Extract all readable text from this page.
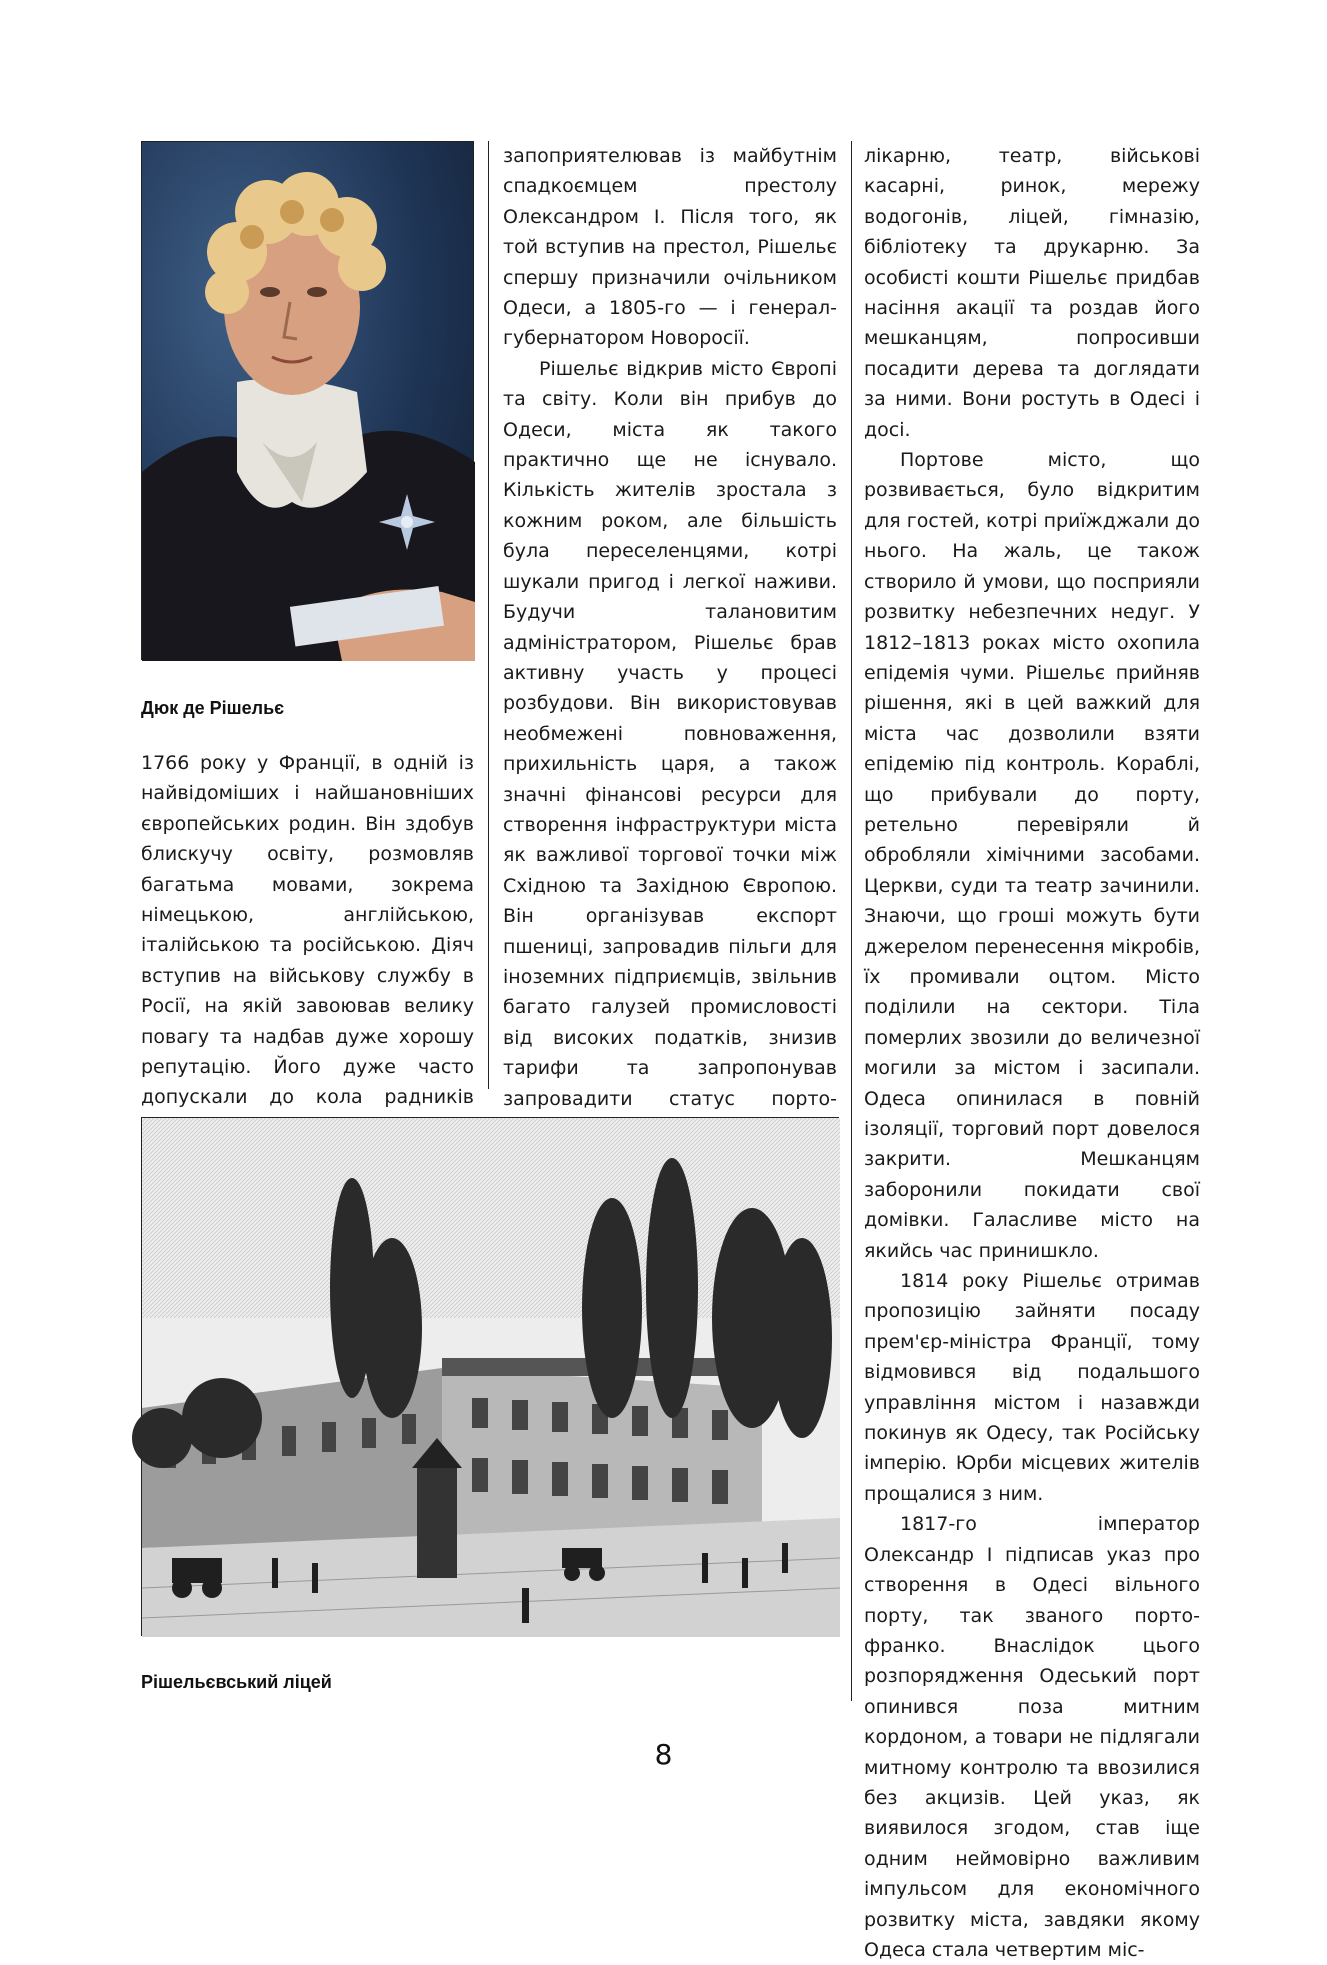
Дюк де Рішельє

1766 року у Франції, в одній із найвідоміших і найшановніших європейських родин. Він здобув блискучу освіту, розмовляв багатьма мовами, зокрема німецькою, англійською, італійською та російською. Діяч вступив на військову службу в Росії, на якій завоював велику повагу та надбав дуже хорошу репутацію. Його дуже часто допускали до кола радників

запоприятелював із майбутнім спадкоємцем престолу Олександром I. Після того, як той вступив на престол, Рішельє спершу призначили очільником Одеси, а 1805-го — і генерал-губернатором Новоросії.

Рішельє відкрив місто Європі та світу. Коли він прибув до Одеси, міста як такого практично ще не існувало. Кількість жителів зростала з кожним роком, але більшість була переселенцями, котрі шукали пригод і легкої наживи. Будучи талановитим адміністратором, Рішельє брав активну участь у процесі розбудови. Він використовував необмежені повноваження, прихильність царя, а також значні фінансові ресурси для створення інфраструктури міста як важливої торгової точки між Східною та Західною Європою. Він організував експорт пшениці, запровадив пільги для іноземних підприємців, звільнив багато галузей промисловості від високих податків, знизив тарифи та запропонував запровадити статус порто-

лікарню, театр, військові касарні, ринок, мережу водогонів, ліцей, гімназію, бібліотеку та друкарню. За особисті кошти Рішельє придбав насіння акації та роздав його мешканцям, попросивши посадити дерева та доглядати за ними. Вони ростуть в Одесі і досі.

Портове місто, що розвивається, було відкритим для гостей, котрі приїжджали до нього. На жаль, це також створило й умови, що посприяли розвитку небезпечних недуг. У 1812–1813 роках місто охопила епідемія чуми. Рішельє прийняв рішення, які в цей важкий для міста час дозволили взяти епідемію під контроль. Кораблі, що прибували до порту, ретельно перевіряли й обробляли хімічними засобами. Церкви, суди та театр зачинили. Знаючи, що гроші можуть бути джерелом перенесення мікробів, їх промивали оцтом. Місто поділили на сектори. Тіла померлих звозили до величезної могили за містом і засипали. Одеса опинилася в повній ізоляції, торговий порт довелося закрити. Мешканцям заборонили покидати свої домівки. Галасливе місто на якийсь час принишкло.

1814 року Рішельє отримав пропозицію зайняти посаду прем'єр-міністра Франції, тому відмовився від подальшого управління містом і назавжди покинув як Одесу, так Російську імперію. Юрби місцевих жителів прощалися з ним.

1817-го імператор Олександр I підписав указ про створення в Одесі вільного порту, так званого порто-франко. Внаслідок цього розпорядження Одеський порт опинився поза митним кордоном, а товари не підлягали митному контролю та ввозилися без акцизів. Цей указ, як виявилося згодом, став іще одним неймовірно важливим імпульсом для економічного розвитку міста, завдяки якому Одеса стала четвертим міс-

Рішельєвський ліцей
8
